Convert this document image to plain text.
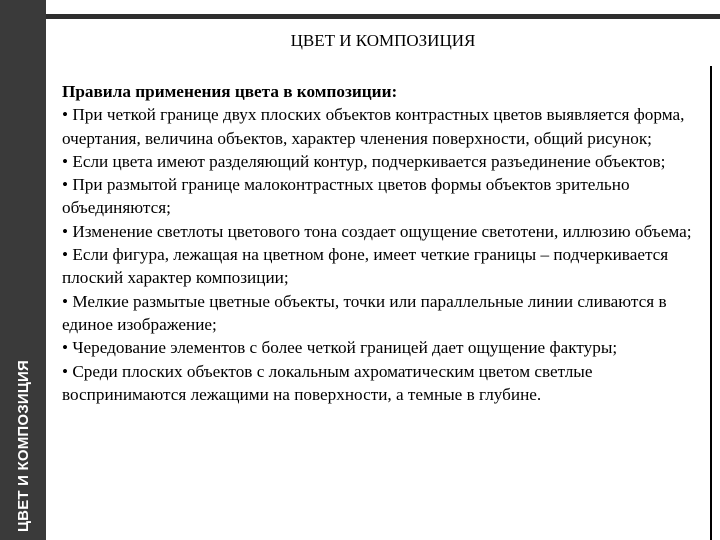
ЦВЕТ И КОМПОЗИЦИЯ
ЦВЕТ И КОМПОЗИЦИЯ
Правила применения цвета в композиции:

• При четкой границе двух плоских объектов контрастных цветов выявляется форма, очертания, величина объектов, характер членения поверхности, общий рисунок;

• Если цвета имеют разделяющий контур, подчеркивается разъединение объектов;

• При размытой границе малоконтрастных цветов формы объектов зрительно объединяются;

• Изменение светлоты цветового тона создает ощущение светотени, иллюзию объема;

• Если фигура, лежащая на цветном фоне, имеет четкие границы – подчеркивается плоский характер композиции;

• Мелкие размытые цветные объекты, точки или параллельные линии сливаются в единое изображение;

• Чередование элементов с более четкой границей дает ощущение фактуры;

• Среди плоских объектов с локальным ахроматическим цветом светлые воспринимаются лежащими на поверхности, а темные в глубине.
